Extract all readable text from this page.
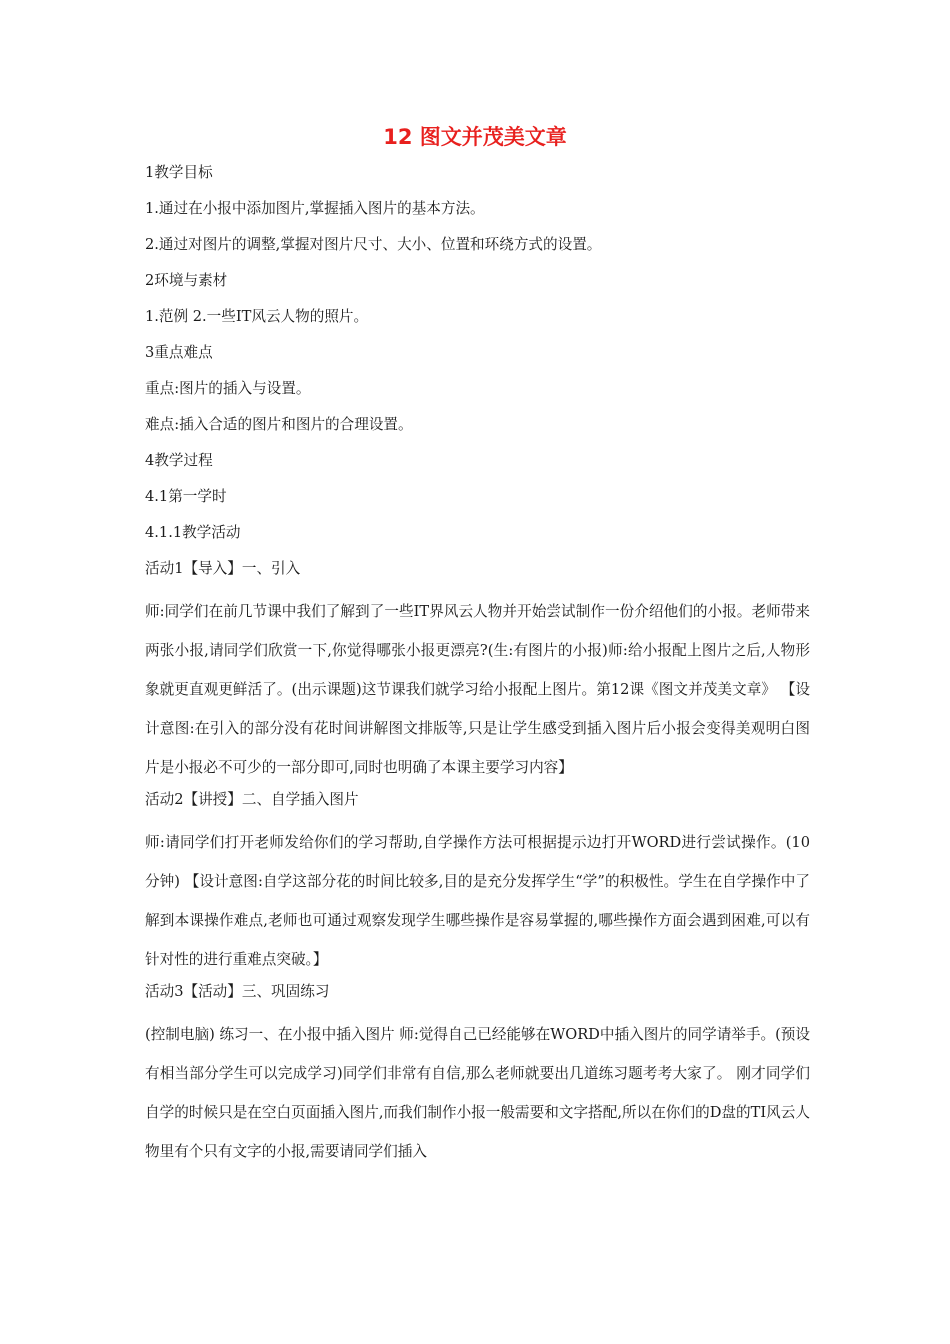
12 图文并茂美文章

1教学目标

1.通过在小报中添加图片,掌握插入图片的基本方法。

2.通过对图片的调整,掌握对图片尺寸、大小、位置和环绕方式的设置。

2环境与素材

1.范例 2.一些IT风云人物的照片。

3重点难点

重点:图片的插入与设置。

难点:插入合适的图片和图片的合理设置。

4教学过程

4.1第一学时

4.1.1教学活动

活动1【导入】一、引入

师:同学们在前几节课中我们了解到了一些IT界风云人物并开始尝试制作一份介绍他们的小报。老师带来两张小报,请同学们欣赏一下,你觉得哪张小报更漂亮?(生:有图片的小报)师:给小报配上图片之后,人物形象就更直观更鲜活了。(出示课题)这节课我们就学习给小报配上图片。第12课《图文并茂美文章》 【设计意图:在引入的部分没有花时间讲解图文排版等,只是让学生感受到插入图片后小报会变得美观明白图片是小报必不可少的一部分即可,同时也明确了本课主要学习内容】

活动2【讲授】二、自学插入图片

师:请同学们打开老师发给你们的学习帮助,自学操作方法可根据提示边打开WORD进行尝试操作。(10分钟) 【设计意图:自学这部分花的时间比较多,目的是充分发挥学生“学”的积极性。学生在自学操作中了解到本课操作难点,老师也可通过观察发现学生哪些操作是容易掌握的,哪些操作方面会遇到困难,可以有针对性的进行重难点突破。】

活动3【活动】三、巩固练习

(控制电脑) 练习一、在小报中插入图片 师:觉得自己已经能够在WORD中插入图片的同学请举手。(预设有相当部分学生可以完成学习)同学们非常有自信,那么老师就要出几道练习题考考大家了。 刚才同学们自学的时候只是在空白页面插入图片,而我们制作小报一般需要和文字搭配,所以在你们的D盘的TI风云人物里有个只有文字的小报,需要请同学们插入
